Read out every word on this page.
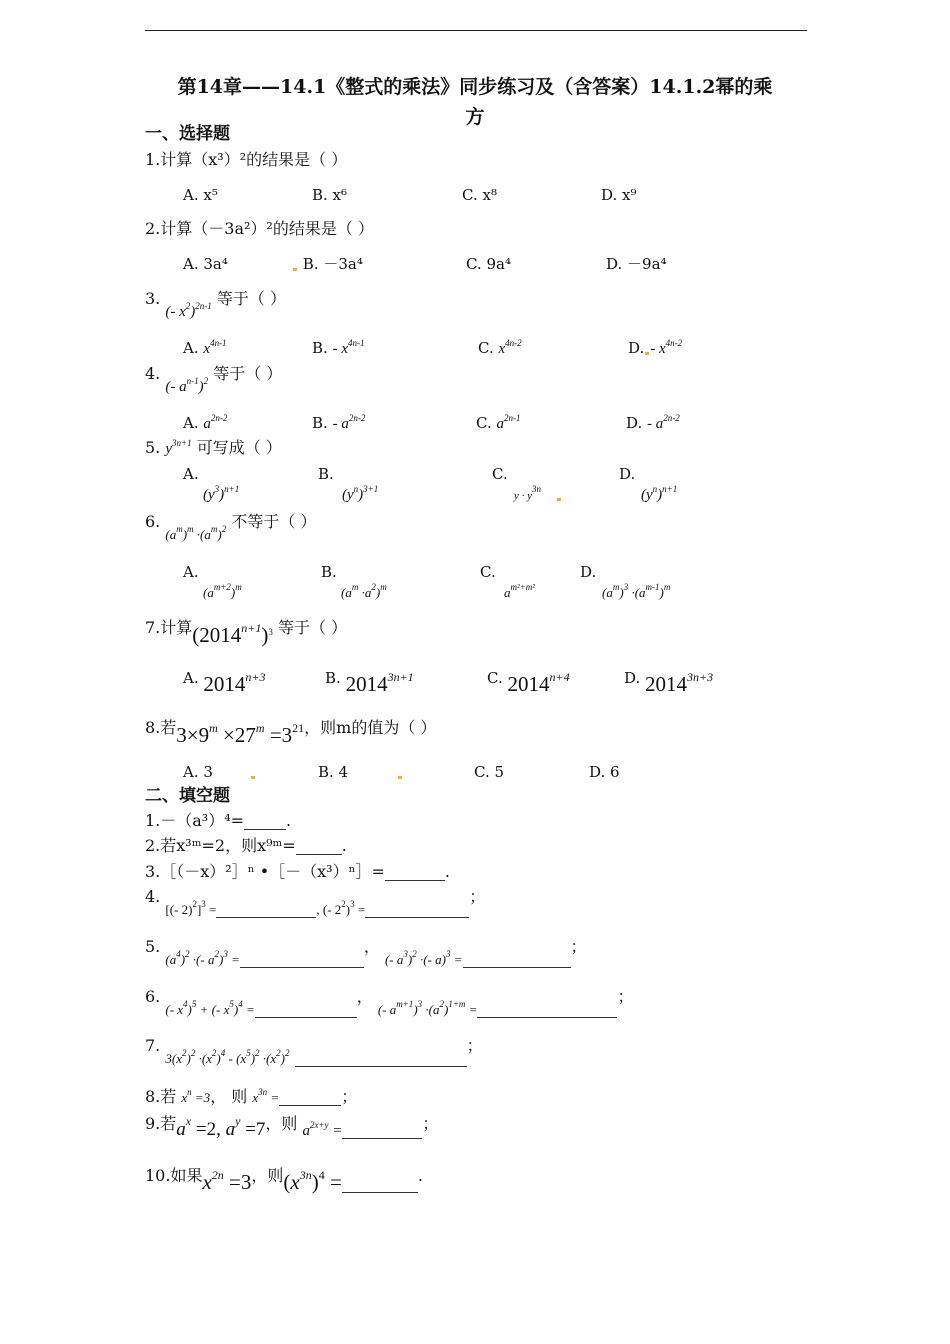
第14章——14.1《整式的乘法》同步练习及（含答案）14.1.2幂的乘
方
一、选择题
1.计算（x³）²的结果是（ ）
A. x⁵	B. x⁶	C. x⁸	D. x⁹
2.计算（－3a²）²的结果是（ ）
A. 3a⁴	B. －3a⁴	C. 9a⁴	D. －9a⁴
3. (- $x^2)^{2n-1}$ 等于（ ）
A. $x^{4n-1}$	B. - $x^{4n-1}$	C. $x^{4n-2}$	D. - $x^{4n-2}$
4. (- $a^{n-1})^2$ 等于（ ）
A. $a^{2n-2}$	B. - $a^{2n-2}$	C. $a^{2n-1}$	D. - $a^{2n-2}$
5. $y^{3n+1}$ 可写成（ ）
A.
$(y^3)^{n+1}$
B.
$(y^n)^{3+1}$
C.
$y \cdot y^{3n}$
D.
$(y^n)^{n+1}$
6. $_{(a^m)^m \cdot(a^m)^2}$ 不等于（ ）
A.
$(a^{m+2})^m$
B.
$(a^m \cdot a^2)^m$
C.
$a^{m^2+m^2}$
D.
$(a^m)^3 \cdot(a^{m-1})^m$
7.计算$(2014^{n+1})^3$ 等于（ ）
A. $2014^{n+3}$	B. $2014^{3n+1}$	C. $2014^{n+4}$	D. $2014^{3n+3}$
8.若$3\times 9^m \times 27^m =3^{21}$，则m的值为（ ）
A. 3	B. 4	C. 5	D. 6
二、填空题
1.－（a³）⁴=	.
2.若x³ᵐ=2，则x⁹ᵐ=	.
3.［（－x）²］ⁿ •［－（x³）ⁿ］=	.
4. $_{[(- 2)^2]^3 =}$	$_{, (- 2^2)^3 =}$；
5. $_{(a^4)^2 \cdot(- a^2)^3 =}$， $_{(- a^3)^2 \cdot(- a)^3 =}$；
6. $_{(- x^4)^5 + (- x^5)^4 =}$， $_{(- a^{m+1})^3 \cdot(a^2)^{1+m} =}$；
7. $_{3(x^2)^2 \cdot(x^2)^4 - (x^5)^2 \cdot(x^2)^2}$	；
8.若 $x^n =3$， 则 $x^{3n}$ =	；
9.若$a^x =2$, $a^y =7$，则 $a^{2x+y}$ =	；
10.如果$x^{2n} =3$，则$(x^{3n})^4$ =	.
